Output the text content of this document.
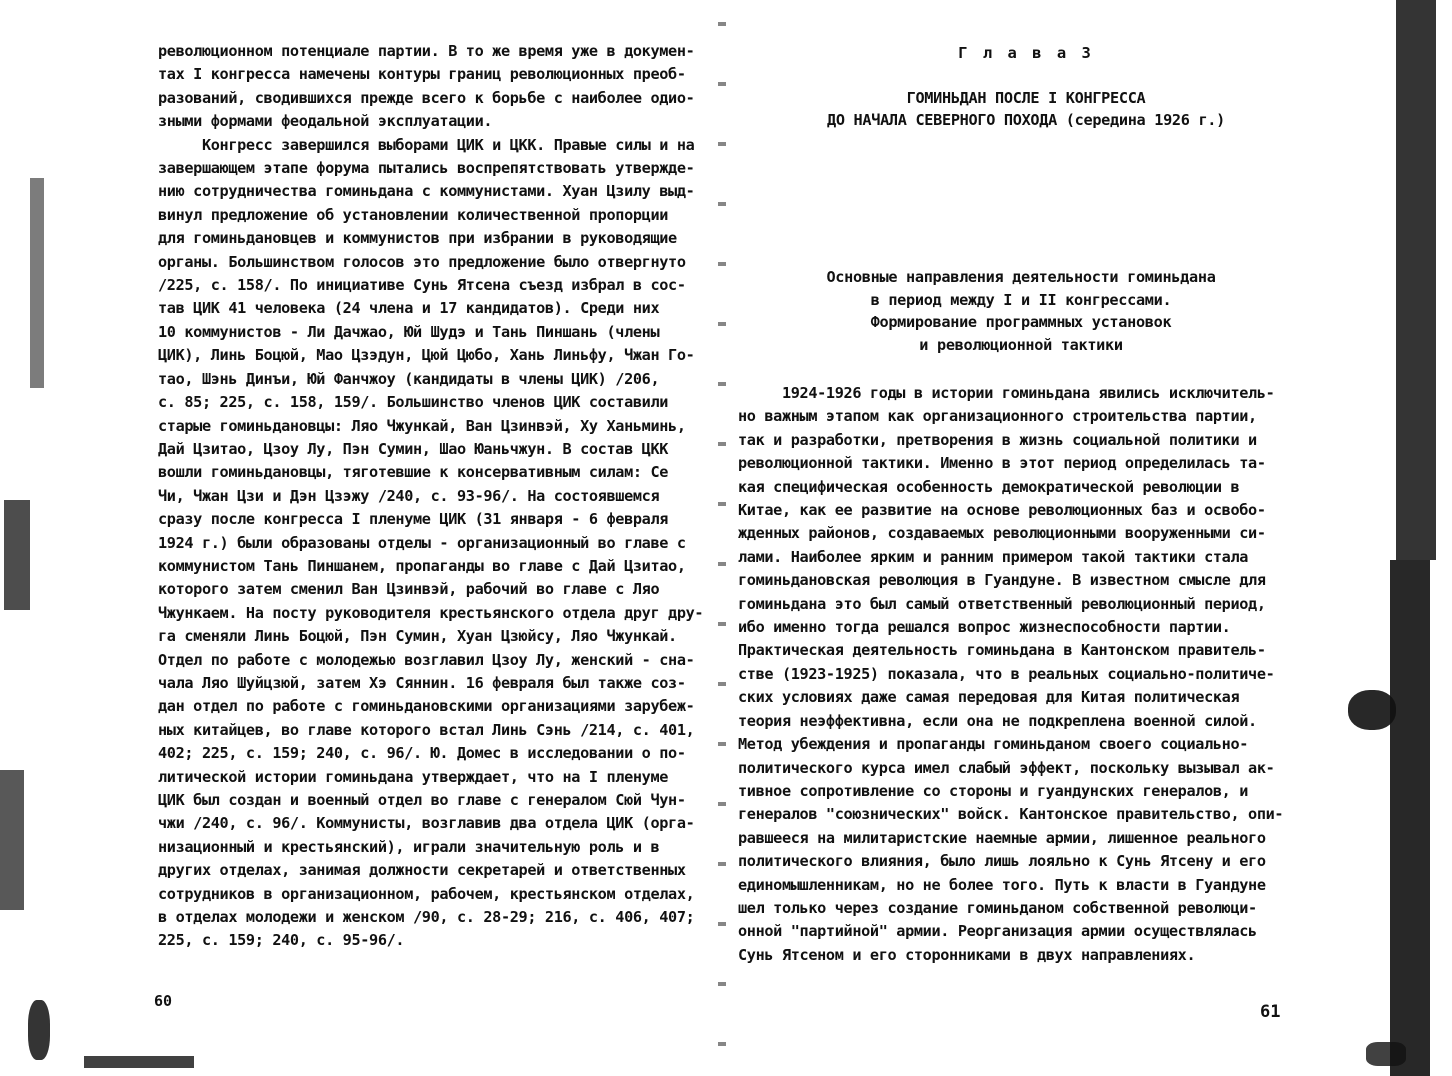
революционном потенциале партии. В то же время уже в докумен-
тах I конгресса намечены контуры границ революционных преоб-
разований, сводившихся прежде всего к борьбе с наиболее одио-
зными формами феодальной эксплуатации.
Конгресс завершился выборами ЦИК и ЦКК. Правые силы и на
завершающем этапе форума пытались воспрепятствовать утвержде-
нию сотрудничества гоминьдана с коммунистами. Хуан Цзилу выд-
винул предложение об установлении количественной пропорции
для гоминьдановцев и коммунистов при избрании в руководящие
органы. Большинством голосов это предложение было отвергнуто
/225, с. 158/. По инициативе Сунь Ятсена съезд избрал в сос-
тав ЦИК 41 человека (24 члена и 17 кандидатов). Среди них
10 коммунистов - Ли Дачжао, Юй Шудэ и Тань Пиншань (члены
ЦИК), Линь Боцюй, Мао Цзэдун, Цюй Цюбо, Хань Линьфу, Чжан Го-
тао, Шэнь Динъи, Юй Фанчжоу (кандидаты в члены ЦИК) /206,
с. 85; 225, с. 158, 159/. Большинство членов ЦИК составили
старые гоминьдановцы: Ляо Чжункай, Ван Цзинвэй, Ху Ханьминь,
Дай Цзитао, Цзоу Лу, Пэн Сумин, Шао Юаньчжун. В состав ЦКК
вошли гоминьдановцы, тяготевшие к консервативным силам: Се
Чи, Чжан Цзи и Дэн Цзэжу /240, с. 93-96/. На состоявшемся
сразу после конгресса I пленуме ЦИК (31 января - 6 февраля
1924 г.) были образованы отделы - организационный во главе с
коммунистом Тань Пиншанем, пропаганды во главе с Дай Цзитао,
которого затем сменил Ван Цзинвэй, рабочий во главе с Ляо
Чжункаем. На посту руководителя крестьянского отдела друг дру-
га сменяли Линь Боцюй, Пэн Сумин, Хуан Цзюйсу, Ляо Чжункай.
Отдел по работе с молодежью возглавил Цзоу Лу, женский - сна-
чала Ляо Шуйцзюй, затем Хэ Сяннин. 16 февраля был также соз-
дан отдел по работе с гоминьдановскими организациями зарубеж-
ных китайцев, во главе которого встал Линь Сэнь /214, с. 401,
402; 225, с. 159; 240, с. 96/. Ю. Домес в исследовании о по-
литической истории гоминьдана утверждает, что на I пленуме
ЦИК был создан и военный отдел во главе с генералом Сюй Чун-
чжи /240, с. 96/. Коммунисты, возглавив два отдела ЦИК (орга-
низационный и крестьянский), играли значительную роль и в
других отделах, занимая должности секретарей и ответственных
сотрудников в организационном, рабочем, крестьянском отделах,
в отделах молодежи и женском /90, с. 28-29; 216, с. 406, 407;
225, с. 159; 240, с. 95-96/.

60

Г л а в а 3

ГОМИНЬДАН ПОСЛЕ I КОНГРЕССА
ДО НАЧАЛА СЕВЕРНОГО ПОХОДА (середина 1926 г.)

Основные направления деятельности гоминьдана
в период между I и II конгрессами.
Формирование программных установок
и революционной тактики

1924-1926 годы в истории гоминьдана явились исключитель-
но важным этапом как организационного строительства партии,
так и разработки, претворения в жизнь социальной политики и
революционной тактики. Именно в этот период определилась та-
кая специфическая особенность демократической революции в
Китае, как ее развитие на основе революционных баз и освобо-
жденных районов, создаваемых революционными вооруженными си-
лами. Наиболее ярким и ранним примером такой тактики стала
гоминьдановская революция в Гуандуне. В известном смысле для
гоминьдана это был самый ответственный революционный период,
ибо именно тогда решался вопрос жизнеспособности партии.
Практическая деятельность гоминьдана в Кантонском правитель-
стве (1923-1925) показала, что в реальных социально-политиче-
ских условиях даже самая передовая для Китая политическая
теория неэффективна, если она не подкреплена военной силой.
Метод убеждения и пропаганды гоминьданом своего социально-
политического курса имел слабый эффект, поскольку вызывал ак-
тивное сопротивление со стороны и гуандунских генералов, и
генералов "союзнических" войск. Кантонское правительство, опи-
равшееся на милитаристские наемные армии, лишенное реального
политического влияния, было лишь лояльно к Сунь Ятсену и его
единомышленникам, но не более того. Путь к власти в Гуандуне
шел только через создание гоминьданом собственной революци-
онной "партийной" армии. Реорганизация армии осуществлялась
Сунь Ятсеном и его сторонниками в двух направлениях.

61
